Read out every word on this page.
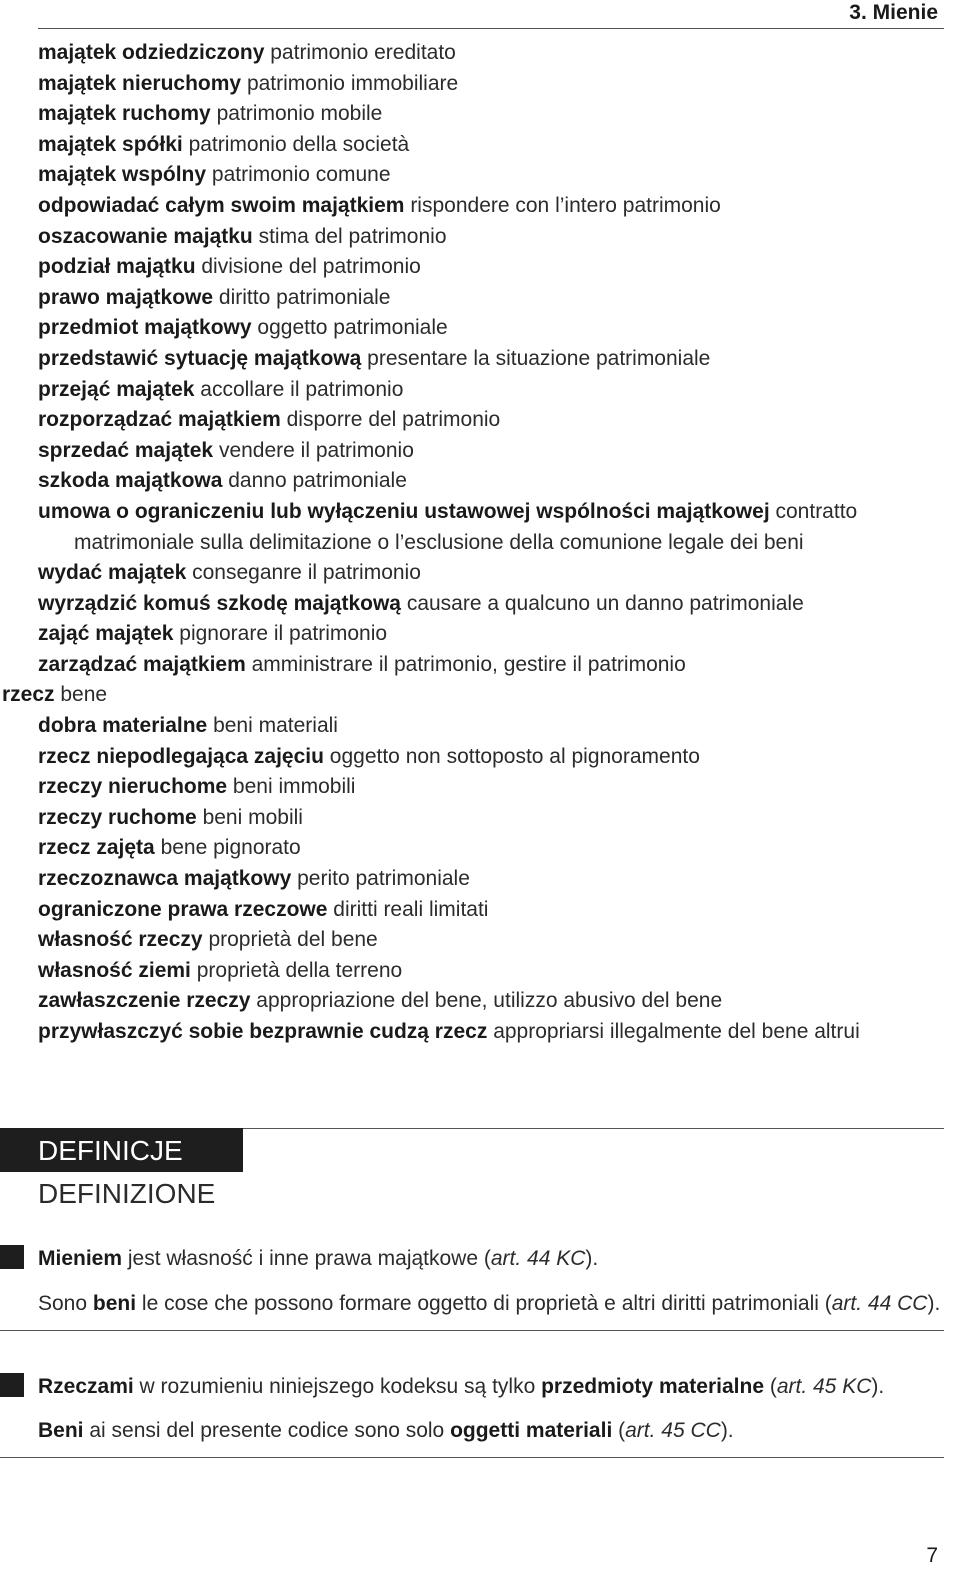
3. Mienie
majątek odziedziczony patrimonio ereditato
majątek nieruchomy patrimonio immobiliare
majątek ruchomy patrimonio mobile
majątek spółki patrimonio della società
majątek wspólny patrimonio comune
odpowiadać całym swoim majątkiem rispondere con l’intero patrimonio
oszacowanie majątku stima del patrimonio
podział majątku divisione del patrimonio
prawo majątkowe diritto patrimoniale
przedmiot majątkowy oggetto patrimoniale
przedstawić sytuację majątkową presentare la situazione patrimoniale
przejąć majątek accollare il patrimonio
rozporządzać majątkiem disporre del patrimonio
sprzedać majątek vendere il patrimonio
szkoda majątkowa danno patrimoniale
umowa o ograniczeniu lub wyłączeniu ustawowej wspólności majątkowej contratto matrimoniale sulla delimitazione o l’esclusione della comunione legale dei beni
wydać majątek conseganre il patrimonio
wyrządzić komuś szkodę majątkową causare a qualcuno un danno patrimoniale
zająć majątek pignorare il patrimonio
zarządzać majątkiem amministrare il patrimonio, gestire il patrimonio
rzecz bene
dobra materialne beni materiali
rzecz niepodlegająca zajęciu oggetto non sottoposto al pignoramento
rzeczy nieruchome beni immobili
rzeczy ruchome beni mobili
rzecz zajęta bene pignorato
rzeczoznawca majątkowy perito patrimoniale
ograniczone prawa rzeczowe diritti reali limitati
własność rzeczy proprietà del bene
własność ziemi proprietà della terreno
zawłaszczenie rzeczy appropriazione del bene, utilizzo abusivo del bene
przywłaszczyć sobie bezprawnie cudzą rzecz appropriarsi illegalmente del bene altrui
DEFINICJE
DEFINIZIONE
Mieniem jest własność i inne prawa majątkowe (art. 44 KC).
Sono beni le cose che possono formare oggetto di proprietà e altri diritti patrimoniali (art. 44 CC).
Rzeczami w rozumieniu niniejszego kodeksu są tylko przedmioty materialne (art. 45 KC).
Beni ai sensi del presente codice sono solo oggetti materiali (art. 45 CC).
7
